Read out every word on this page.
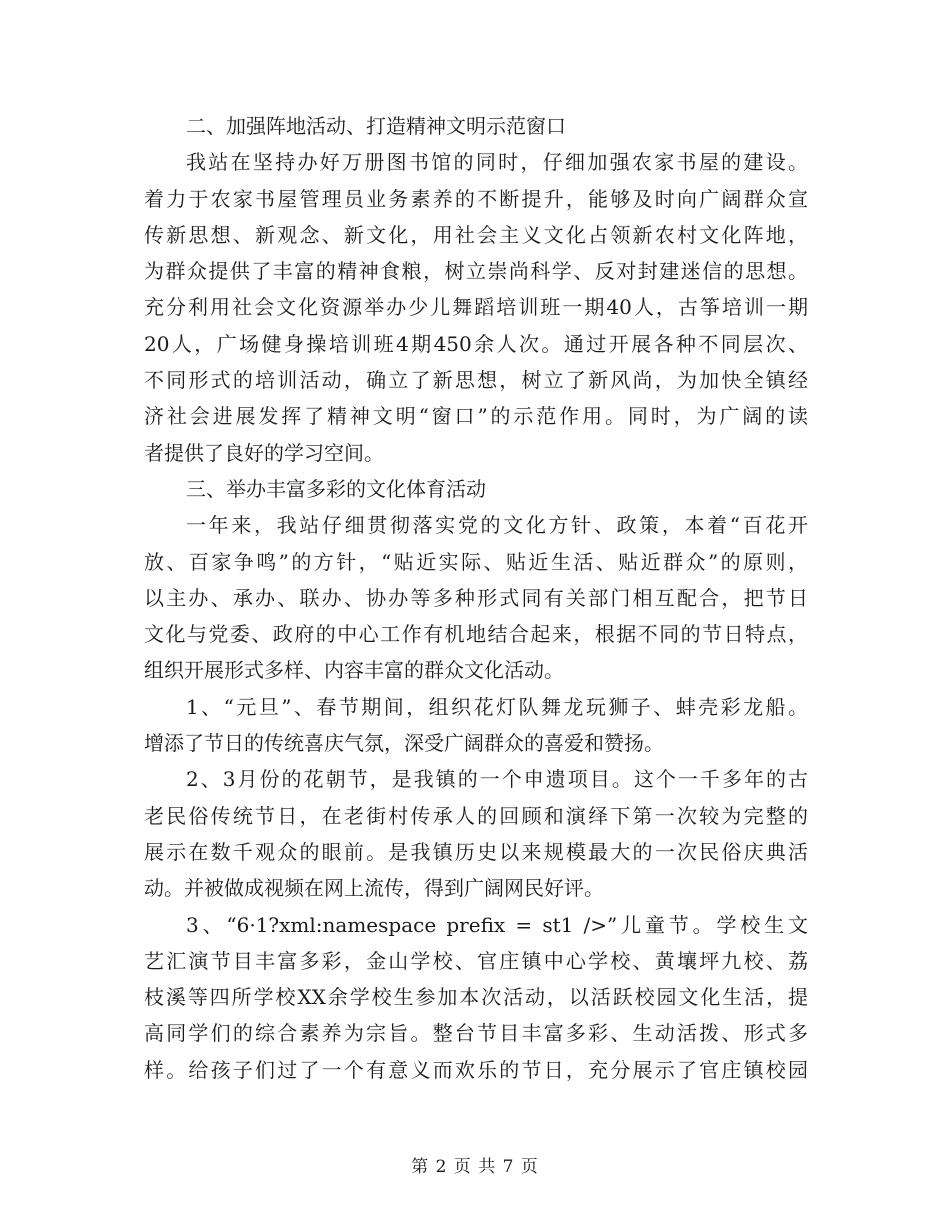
二、加强阵地活动、打造精神文明示范窗口
我站在坚持办好万册图书馆的同时，仔细加强农家书屋的建设。
着力于农家书屋管理员业务素养的不断提升，能够及时向广阔群众宣
传新思想、新观念、新文化，用社会主义文化占领新农村文化阵地，
为群众提供了丰富的精神食粮，树立崇尚科学、反对封建迷信的思想。
充分利用社会文化资源举办少儿舞蹈培训班一期40人，古筝培训一期
20人，广场健身操培训班4期450余人次。通过开展各种不同层次、
不同形式的培训活动，确立了新思想，树立了新风尚，为加快全镇经
济社会进展发挥了精神文明“窗口”的示范作用。同时，为广阔的读
者提供了良好的学习空间。
三、举办丰富多彩的文化体育活动
一年来，我站仔细贯彻落实党的文化方针、政策，本着“百花开
放、百家争鸣”的方针，“贴近实际、贴近生活、贴近群众”的原则，
以主办、承办、联办、协办等多种形式同有关部门相互配合，把节日
文化与党委、政府的中心工作有机地结合起来，根据不同的节日特点，
组织开展形式多样、内容丰富的群众文化活动。
1、“元旦”、春节期间，组织花灯队舞龙玩狮子、蚌壳彩龙船。
增添了节日的传统喜庆气氛，深受广阔群众的喜爱和赞扬。
2、3月份的花朝节，是我镇的一个申遗项目。这个一千多年的古
老民俗传统节日，在老街村传承人的回顾和演绎下第一次较为完整的
展示在数千观众的眼前。是我镇历史以来规模最大的一次民俗庆典活
动。并被做成视频在网上流传，得到广阔网民好评。
3、“6·1?xml:namespace prefix = st1 />”儿童节。学校生文
艺汇演节目丰富多彩，金山学校、官庄镇中心学校、黄壤坪九校、荔
枝溪等四所学校XX余学校生参加本次活动，以活跃校园文化生活，提
高同学们的综合素养为宗旨。整台节目丰富多彩、生动活拨、形式多
样。给孩子们过了一个有意义而欢乐的节日，充分展示了官庄镇校园
第 2 页 共 7 页
